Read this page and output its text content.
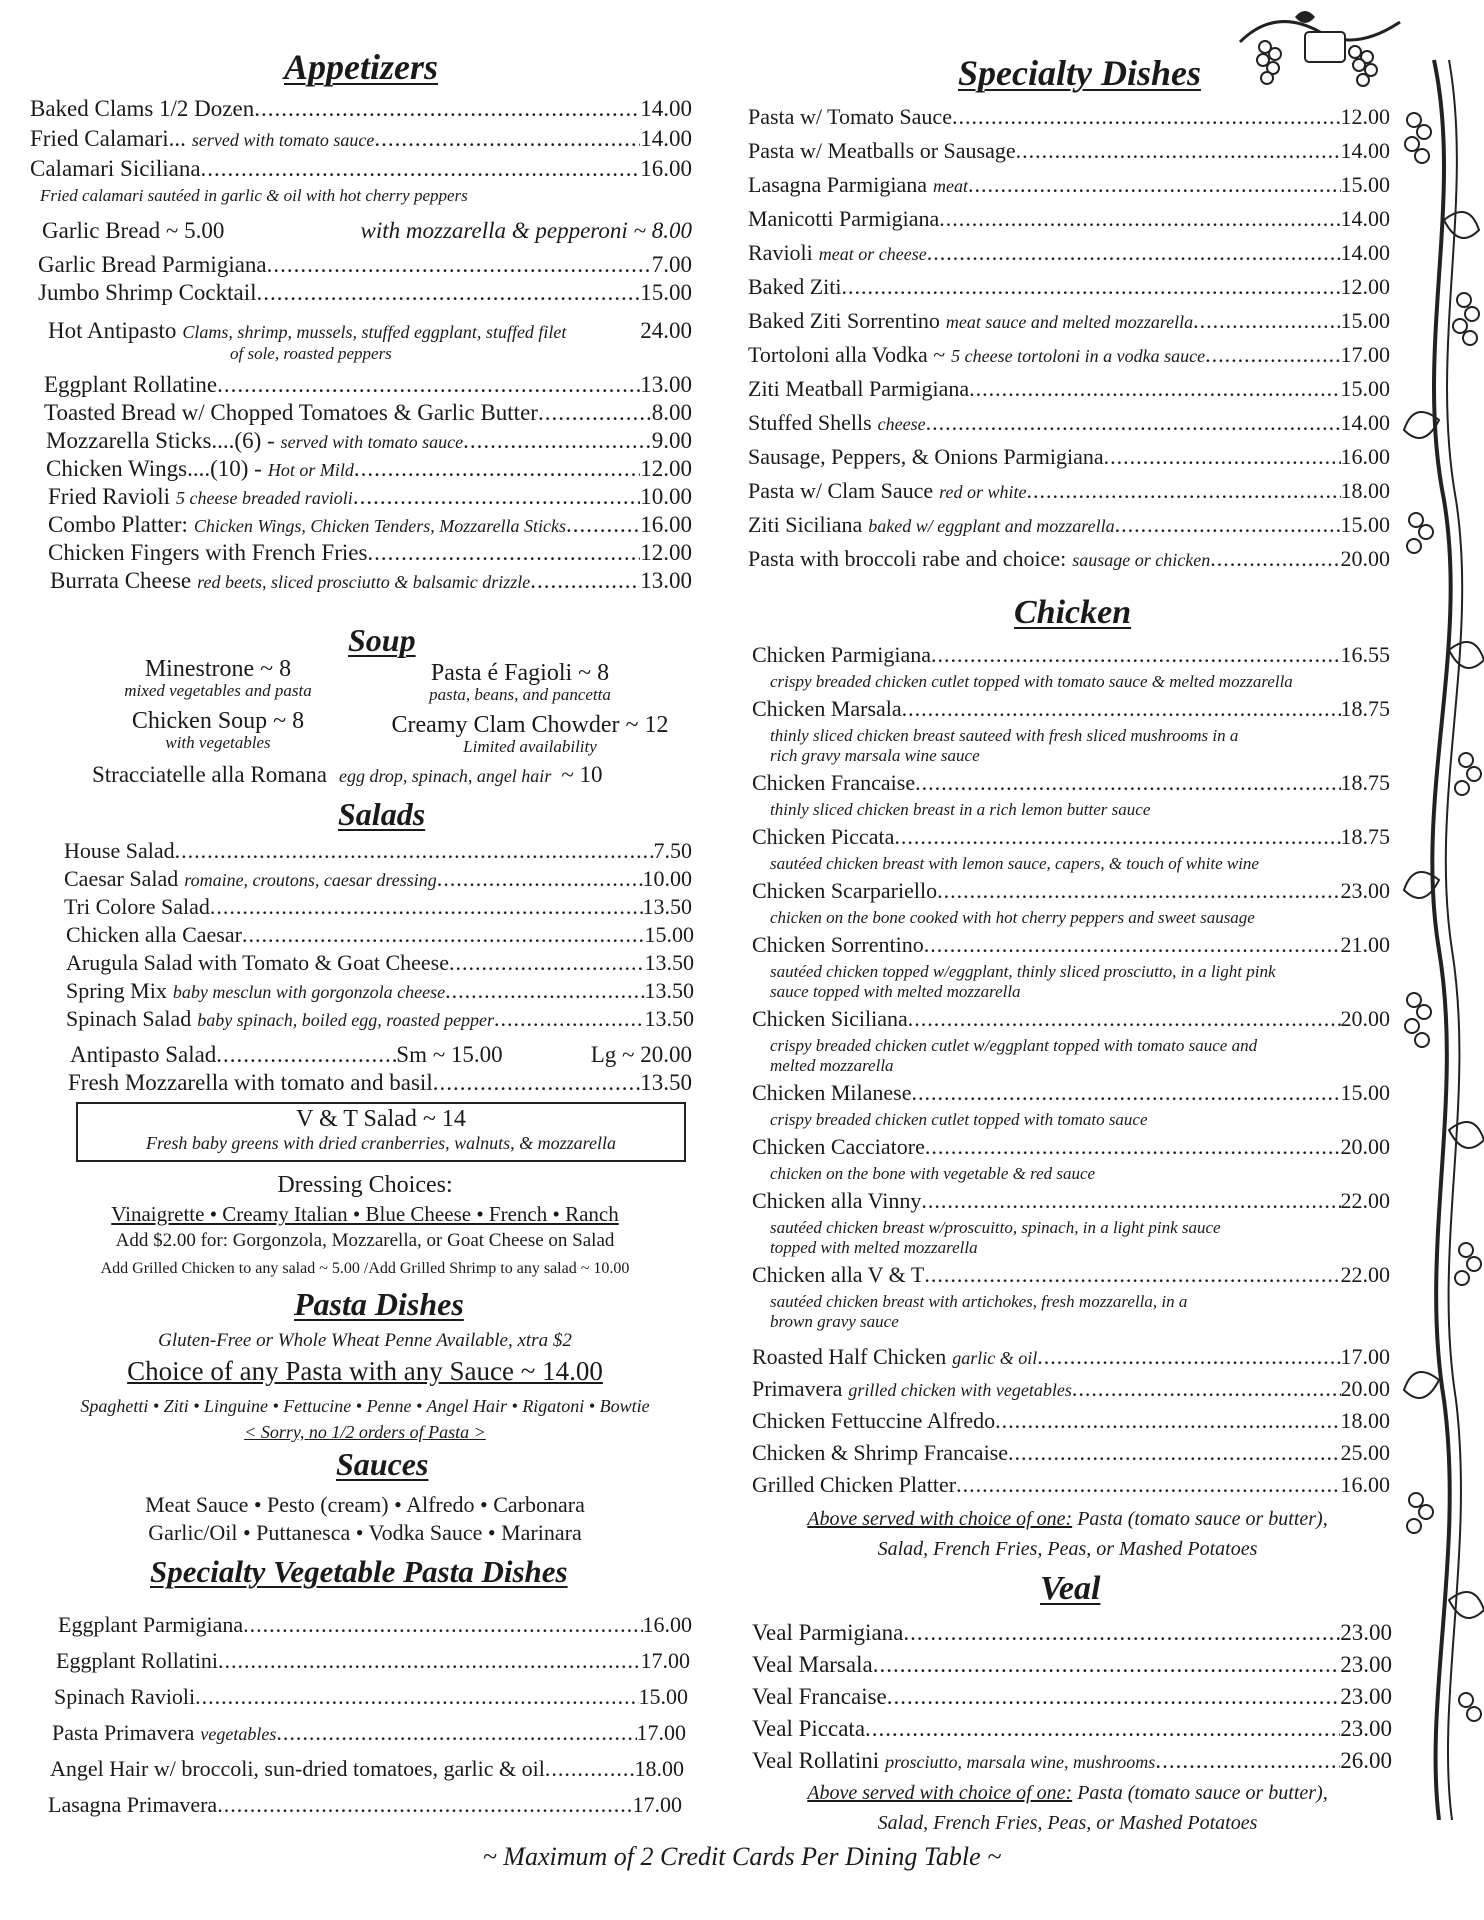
Appetizers
Baked Clams 1/2 Dozen .....	14.00
Fried Calamari... served with tomato sauce .....	14.00
Calamari Siciliana .....	16.00
Garlic Bread Parmigiana .....	7.00
Jumbo Shrimp Cocktail .....	15.00
Eggplant Rollatine .....	13.00
Toasted Bread w/ Chopped Tomatoes & Garlic Butter .....	8.00
Mozzarella Sticks....(6) - served with tomato sauce .....	9.00
Chicken Wings....(10) - Hot or Mild .....	12.00
Fried Ravioli 5 cheese breaded ravioli .....	10.00
Combo Platter: Chicken Wings, Chicken Tenders, Mozzarella Sticks .....	16.00
Chicken Fingers with French Fries .....	12.00
Burrata Cheese red beets, sliced prosciutto & balsamic drizzle .....	13.00
Fried calamari sautéed in garlic & oil with hot cherry peppers
Garlic Bread ~ 5.00	with mozzarella & pepperoni ~ 8.00
Hot Antipasto Clams, shrimp, mussels, stuffed eggplant, stuffed filet	24.00
of sole, roasted peppers
Soup
Minestrone ~ 8
mixed vegetables and pasta
Pasta é Fagioli ~ 8
pasta, beans, and pancetta
Chicken Soup ~ 8
with vegetables
Creamy Clam Chowder ~ 12
Limited availability
Stracciatelle alla Romana egg drop, spinach, angel hair ~ 10
Salads
House Salad .....	7.50
Caesar Salad romaine, croutons, caesar dressing .....	10.00
Tri Colore Salad .....	13.50
Chicken alla Caesar .....	15.00
Arugula Salad with Tomato & Goat Cheese .....	13.50
Spring Mix baby mesclun with gorgonzola cheese .....	13.50
Spinach Salad baby spinach, boiled egg, roasted pepper .....	13.50
Antipasto Salad .....	Sm ~ 15.00	Lg ~ 20.00
Fresh Mozzarella with tomato and basil .....	13.50
V & T Salad ~ 14
Fresh baby greens with dried cranberries, walnuts, & mozzarella
Dressing Choices:
Vinaigrette • Creamy Italian • Blue Cheese • French • Ranch
Add $2.00 for: Gorgonzola, Mozzarella, or Goat Cheese on Salad
Add Grilled Chicken to any salad ~ 5.00 /Add Grilled Shrimp to any salad ~ 10.00
Pasta Dishes
Gluten-Free or Whole Wheat Penne Available, xtra $2
Choice of any Pasta with any Sauce ~ 14.00
Spaghetti • Ziti • Linguine • Fettucine • Penne • Angel Hair • Rigatoni • Bowtie
< Sorry, no 1/2 orders of Pasta >
Sauces
Meat Sauce • Pesto (cream) • Alfredo • Carbonara
Garlic/Oil • Puttanesca • Vodka Sauce • Marinara
Specialty Vegetable Pasta Dishes
Eggplant Parmigiana .....	16.00
Eggplant Rollatini .....	17.00
Spinach Ravioli .....	15.00
Pasta Primavera vegetables .....	17.00
Angel Hair w/ broccoli, sun-dried tomatoes, garlic & oil .....	18.00
Lasagna Primavera .....	17.00
Specialty Dishes
Pasta w/ Tomato Sauce .....	12.00
Pasta w/ Meatballs or Sausage .....	14.00
Lasagna Parmigiana meat .....	15.00
Manicotti Parmigiana .....	14.00
Ravioli meat or cheese .....	14.00
Baked Ziti .....	12.00
Baked Ziti Sorrentino meat sauce and melted mozzarella .....	15.00
Tortoloni alla Vodka ~ 5 cheese tortoloni in a vodka sauce .....	17.00
Ziti Meatball Parmigiana .....	15.00
Stuffed Shells cheese .....	14.00
Sausage, Peppers, & Onions Parmigiana .....	16.00
Pasta w/ Clam Sauce red or white .....	18.00
Ziti Siciliana baked w/ eggplant and mozzarella .....	15.00
Pasta with broccoli rabe and choice: sausage or chicken .....	20.00
Chicken
Chicken Parmigiana .....	16.55
crispy breaded chicken cutlet topped with tomato sauce & melted mozzarella
Chicken Marsala .....	18.75
thinly sliced chicken breast sauteed with fresh sliced mushrooms in a
rich gravy marsala wine sauce
Chicken Francaise .....	18.75
thinly sliced chicken breast in a rich lemon butter sauce
Chicken Piccata .....	18.75
sautéed chicken breast with lemon sauce, capers, & touch of white wine
Chicken Scarpariello .....	23.00
chicken on the bone cooked with hot cherry peppers and sweet sausage
Chicken Sorrentino .....	21.00
sautéed chicken topped w/eggplant, thinly sliced prosciutto, in a light pink
sauce topped with melted mozzarella
Chicken Siciliana .....	20.00
crispy breaded chicken cutlet w/eggplant topped with tomato sauce and
melted mozzarella
Chicken Milanese .....	15.00
crispy breaded chicken cutlet topped with tomato sauce
Chicken Cacciatore .....	20.00
chicken on the bone with vegetable & red sauce
Chicken alla Vinny .....	22.00
sautéed chicken breast w/proscuitto, spinach, in a light pink sauce
topped with melted mozzarella
Chicken alla V & T .....	22.00
sautéed chicken breast with artichokes, fresh mozzarella, in a
brown gravy sauce
Roasted Half Chicken garlic & oil .....	17.00
Primavera grilled chicken with vegetables .....	20.00
Chicken Fettuccine Alfredo .....	18.00
Chicken & Shrimp Francaise .....	25.00
Grilled Chicken Platter .....	16.00
Above served with choice of one: Pasta (tomato sauce or butter),
Salad, French Fries, Peas, or Mashed Potatoes
Veal
Veal Parmigiana .....	23.00
Veal Marsala .....	23.00
Veal Francaise .....	23.00
Veal Piccata .....	23.00
Veal Rollatini prosciutto, marsala wine, mushrooms .....	26.00
Above served with choice of one: Pasta (tomato sauce or butter),
Salad, French Fries, Peas, or Mashed Potatoes
~ Maximum of 2 Credit Cards Per Dining Table ~
